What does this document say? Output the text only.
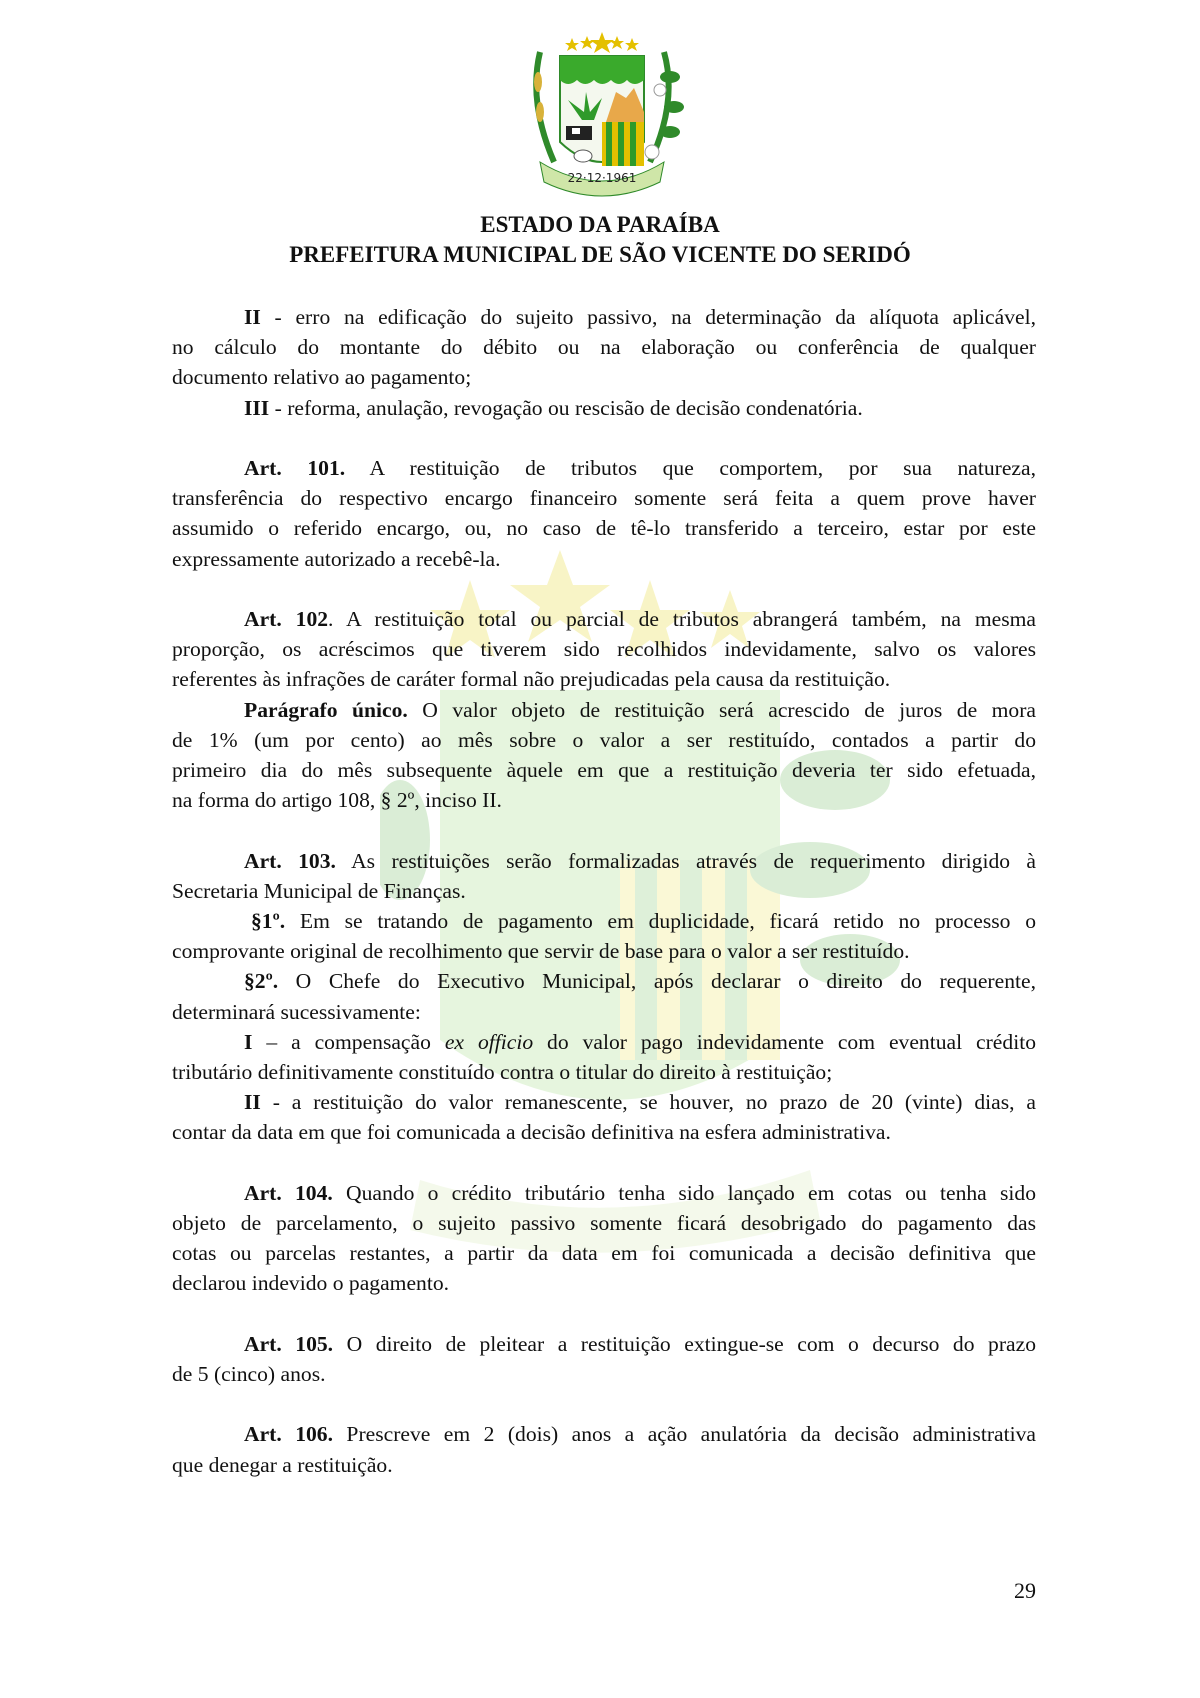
22·12·1961
ESTADO DA PARAÍBA
PREFEITURA MUNICIPAL DE SÃO VICENTE DO SERIDÓ
II - erro na edificação do sujeito passivo, na determinação da alíquota aplicável,
no cálculo do montante do débito ou na elaboração ou conferência de qualquer
documento relativo ao pagamento;
III - reforma, anulação, revogação ou rescisão de decisão condenatória.
Art. 101. A restituição de tributos que comportem, por sua natureza,
transferência do respectivo encargo financeiro somente será feita a quem prove haver
assumido o referido encargo, ou, no caso de tê-lo transferido a terceiro, estar por este
expressamente autorizado a recebê-la.
Art. 102. A restituição total ou parcial de tributos abrangerá também, na mesma
proporção, os acréscimos que tiverem sido recolhidos indevidamente, salvo os valores
referentes às infrações de caráter formal não prejudicadas pela causa da restituição.
Parágrafo único. O valor objeto de restituição será acrescido de juros de mora
de 1% (um por cento) ao mês sobre o valor a ser restituído, contados a partir do
primeiro dia do mês subsequente àquele em que a restituição deveria ter sido efetuada,
na forma do artigo 108, § 2º, inciso II.
Art. 103. As restituições serão formalizadas através de requerimento dirigido à
Secretaria Municipal de Finanças.
§1º. Em se tratando de pagamento em duplicidade, ficará retido no processo o
comprovante original de recolhimento que servir de base para o valor a ser restituído.
§2º. O Chefe do Executivo Municipal, após declarar o direito do requerente,
determinará sucessivamente:
I – a compensação ex officio do valor pago indevidamente com eventual crédito
tributário definitivamente constituído contra o titular do direito à restituição;
II - a restituição do valor remanescente, se houver, no prazo de 20 (vinte) dias, a
contar da data em que foi comunicada a decisão definitiva na esfera administrativa.
Art. 104. Quando o crédito tributário tenha sido lançado em cotas ou tenha sido
objeto de parcelamento, o sujeito passivo somente ficará desobrigado do pagamento das
cotas ou parcelas restantes, a partir da data em foi comunicada a decisão definitiva que
declarou indevido o pagamento.
Art. 105. O direito de pleitear a restituição extingue-se com o decurso do prazo
de 5 (cinco) anos.
Art. 106. Prescreve em 2 (dois) anos a ação anulatória da decisão administrativa
que denegar a restituição.
29
